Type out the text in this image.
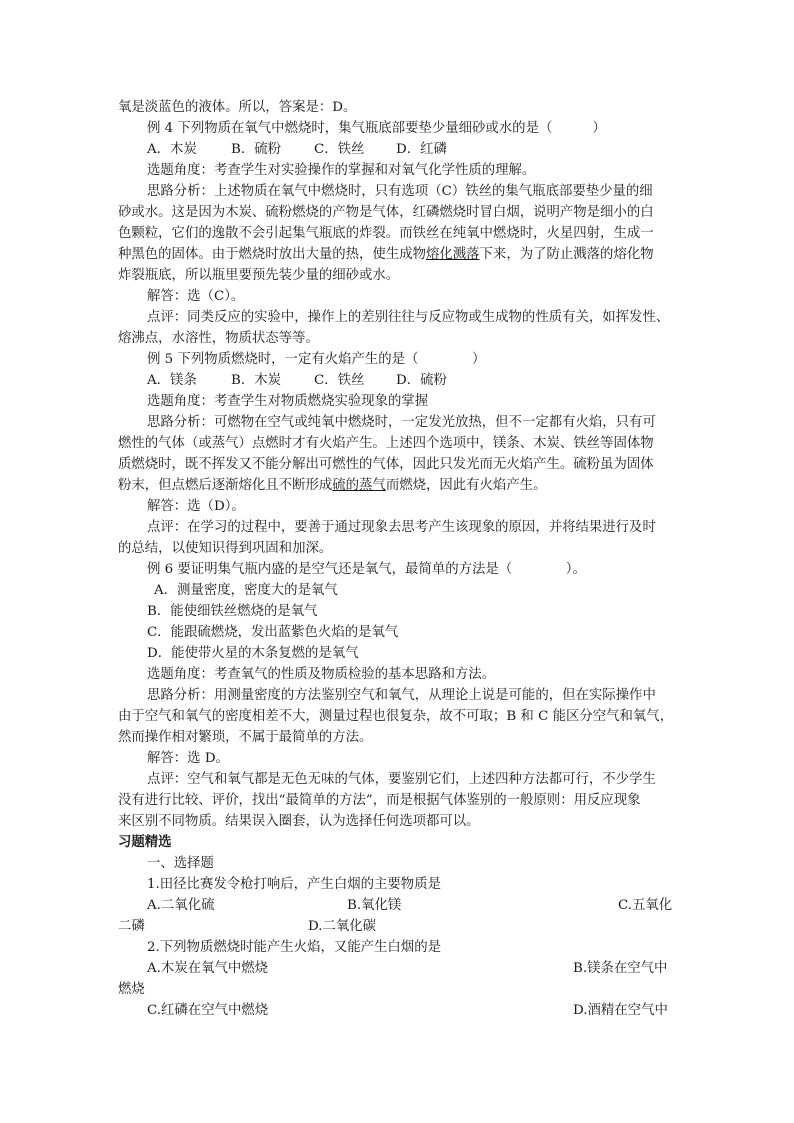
氧是淡蓝色的液体。所以，答案是：D。
例 4 下列物质在氧气中燃烧时，集气瓶底部要垫少量细砂或水的是（　　　）
A．木炭	B．硫粉 C．铁丝 D．红磷
选题角度：考查学生对实验操作的掌握和对氧气化学性质的理解。
思路分析：上述物质在氧气中燃烧时，只有选项（C）铁丝的集气瓶底部要垫少量的细
砂或水。这是因为木炭、硫粉燃烧的产物是气体，红磷燃烧时冒白烟，说明产物是细小的白
色颗粒，它们的逸散不会引起集气瓶底的炸裂。而铁丝在纯氧中燃烧时，火星四射，生成一
种黑色的固体。由于燃烧时放出大量的热，使生成物熔化溅落下来，为了防止溅落的熔化物
炸裂瓶底，所以瓶里要预先装少量的细砂或水。
解答：选（C）。
点评：同类反应的实验中，操作上的差别往往与反应物或生成物的性质有关，如挥发性、
熔沸点，水溶性，物质状态等等。
例 5 下列物质燃烧时，一定有火焰产生的是（　　　　）
A．镁条	B．木炭 C．铁丝 D．硫粉
选题角度：考查学生对物质燃烧实验现象的掌握
思路分析：可燃物在空气或纯氧中燃烧时，一定发光放热，但不一定都有火焰，只有可
燃性的气体（或蒸气）点燃时才有火焰产生。上述四个选项中，镁条、木炭、铁丝等固体物
质燃烧时，既不挥发又不能分解出可燃性的气体，因此只发光而无火焰产生。硫粉虽为固体
粉末，但点燃后逐渐熔化且不断形成硫的蒸气而燃烧，因此有火焰产生。
解答：选（D）。
点评：在学习的过程中，要善于通过现象去思考产生该现象的原因，并将结果进行及时
的总结，以使知识得到巩固和加深。
例 6 要证明集气瓶内盛的是空气还是氧气，最简单的方法是（　　　　）。
A．测量密度，密度大的是氧气
B．能使细铁丝燃烧的是氧气
C．能跟硫燃烧，发出蓝紫色火焰的是氧气
D．能使带火星的木条复燃的是氧气
选题角度：考查氧气的性质及物质检验的基本思路和方法。
思路分析：用测量密度的方法鉴别空气和氧气，从理论上说是可能的，但在实际操作中
由于空气和氧气的密度相差不大，测量过程也很复杂，故不可取；B 和 C 能区分空气和氧气，
然而操作相对繁琐，不属于最简单的方法。
解答：选 D。
点评：空气和氧气都是无色无味的气体，要鉴别它们，上述四种方法都可行，不少学生
没有进行比较、评价，找出“最简单的方法”，而是根据气体鉴别的一般原则：用反应现象
来区别不同物质。结果误入圈套，认为选择任何选项都可以。
习题精选
一、选择题
1.田径比赛发令枪打响后，产生白烟的主要物质是
A.二氧化硫	B.氧化镁	C.五氧化
二磷	D.二氧化碳
2.下列物质燃烧时能产生火焰，又能产生白烟的是
A.木炭在氧气中燃烧	B.镁条在空气中
燃烧
C.红磷在空气中燃烧	D.酒精在空气中
